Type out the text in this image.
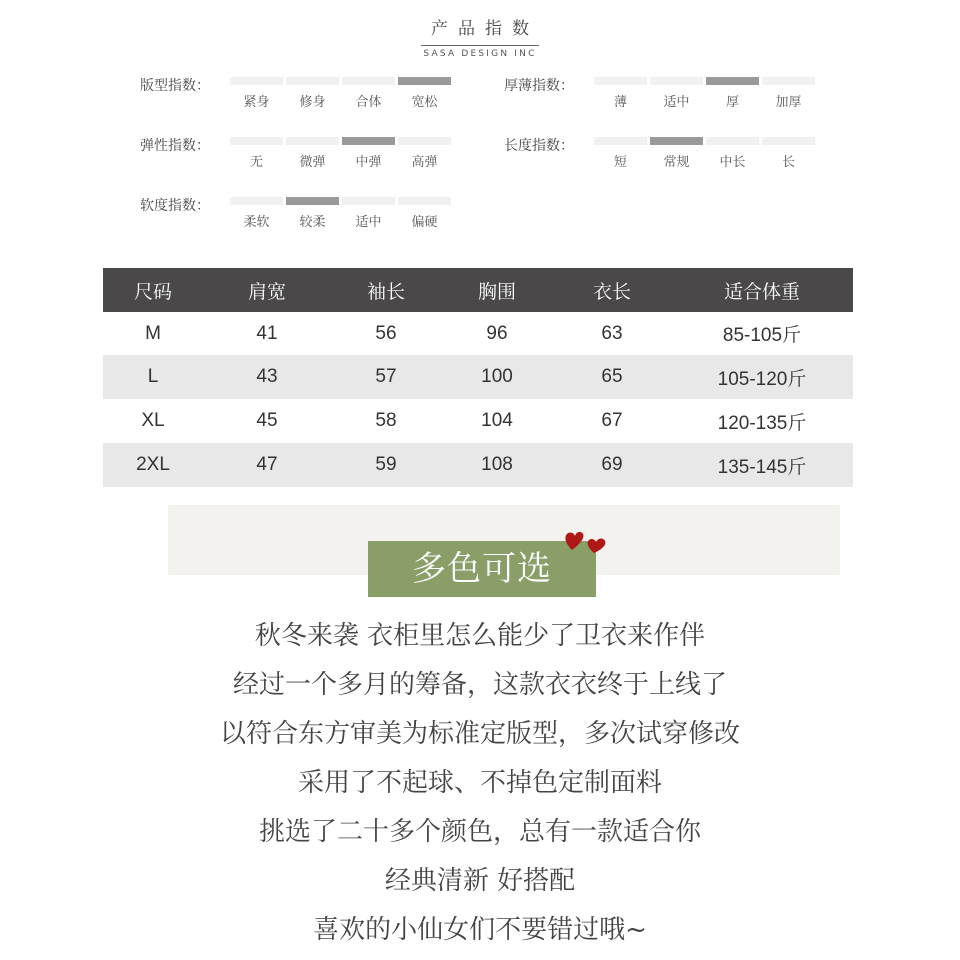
产品指数
SASA DESIGN INC
版型指数：
紧身	修身	合体	宽松
厚薄指数：
薄	适中	厚	加厚
弹性指数：
无	微弹	中弹	高弹
长度指数：
短	常规	中长	长
软度指数：
柔软	较柔	适中	偏硬
尺码	肩宽	袖长	胸围	衣长	适合体重
M	41	56	96	63	85-105斤
L	43	57	100	65	105-120斤
XL	45	58	104	67	120-135斤
2XL	47	59	108	69	135-145斤
多色可选
秋冬来袭 衣柜里怎么能少了卫衣来作伴
经过一个多月的筹备，这款衣衣终于上线了
以符合东方审美为标准定版型，多次试穿修改
采用了不起球、不掉色定制面料
挑选了二十多个颜色，总有一款适合你
经典清新 好搭配
喜欢的小仙女们不要错过哦~
